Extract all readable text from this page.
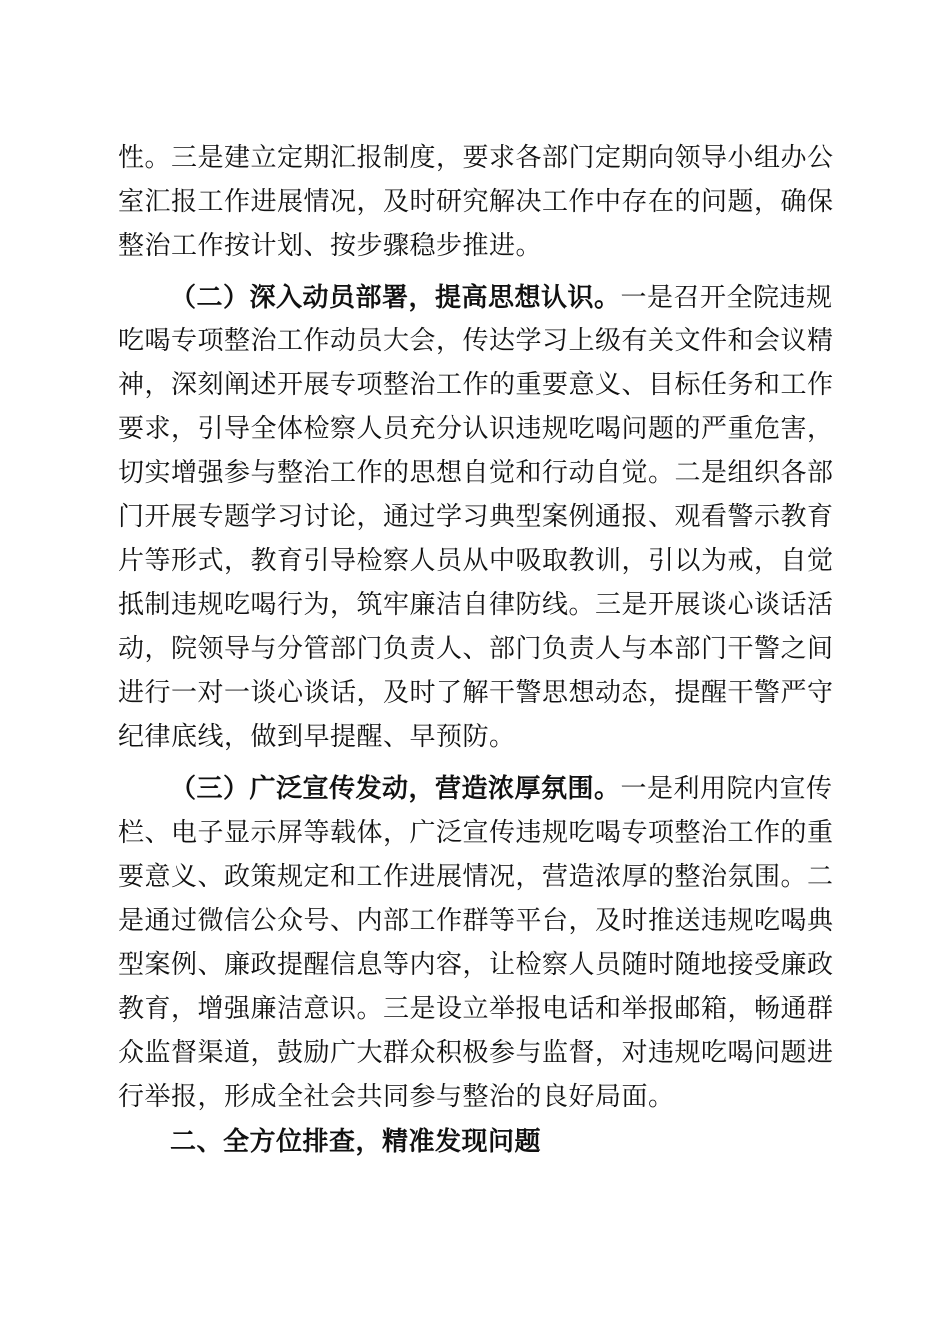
性。三是建立定期汇报制度，要求各部门定期向领导小组办公
室汇报工作进展情况，及时研究解决工作中存在的问题，确保
整治工作按计划、按步骤稳步推进。
（二）深入动员部署，提高思想认识。一是召开全院违规
吃喝专项整治工作动员大会，传达学习上级有关文件和会议精
神，深刻阐述开展专项整治工作的重要意义、目标任务和工作
要求，引导全体检察人员充分认识违规吃喝问题的严重危害，
切实增强参与整治工作的思想自觉和行动自觉。二是组织各部
门开展专题学习讨论，通过学习典型案例通报、观看警示教育
片等形式，教育引导检察人员从中吸取教训，引以为戒，自觉
抵制违规吃喝行为，筑牢廉洁自律防线。三是开展谈心谈话活
动，院领导与分管部门负责人、部门负责人与本部门干警之间
进行一对一谈心谈话，及时了解干警思想动态，提醒干警严守
纪律底线，做到早提醒、早预防。
（三）广泛宣传发动，营造浓厚氛围。一是利用院内宣传
栏、电子显示屏等载体，广泛宣传违规吃喝专项整治工作的重
要意义、政策规定和工作进展情况，营造浓厚的整治氛围。二
是通过微信公众号、内部工作群等平台，及时推送违规吃喝典
型案例、廉政提醒信息等内容，让检察人员随时随地接受廉政
教育，增强廉洁意识。三是设立举报电话和举报邮箱，畅通群
众监督渠道，鼓励广大群众积极参与监督，对违规吃喝问题进
行举报，形成全社会共同参与整治的良好局面。
二、全方位排查，精准发现问题
